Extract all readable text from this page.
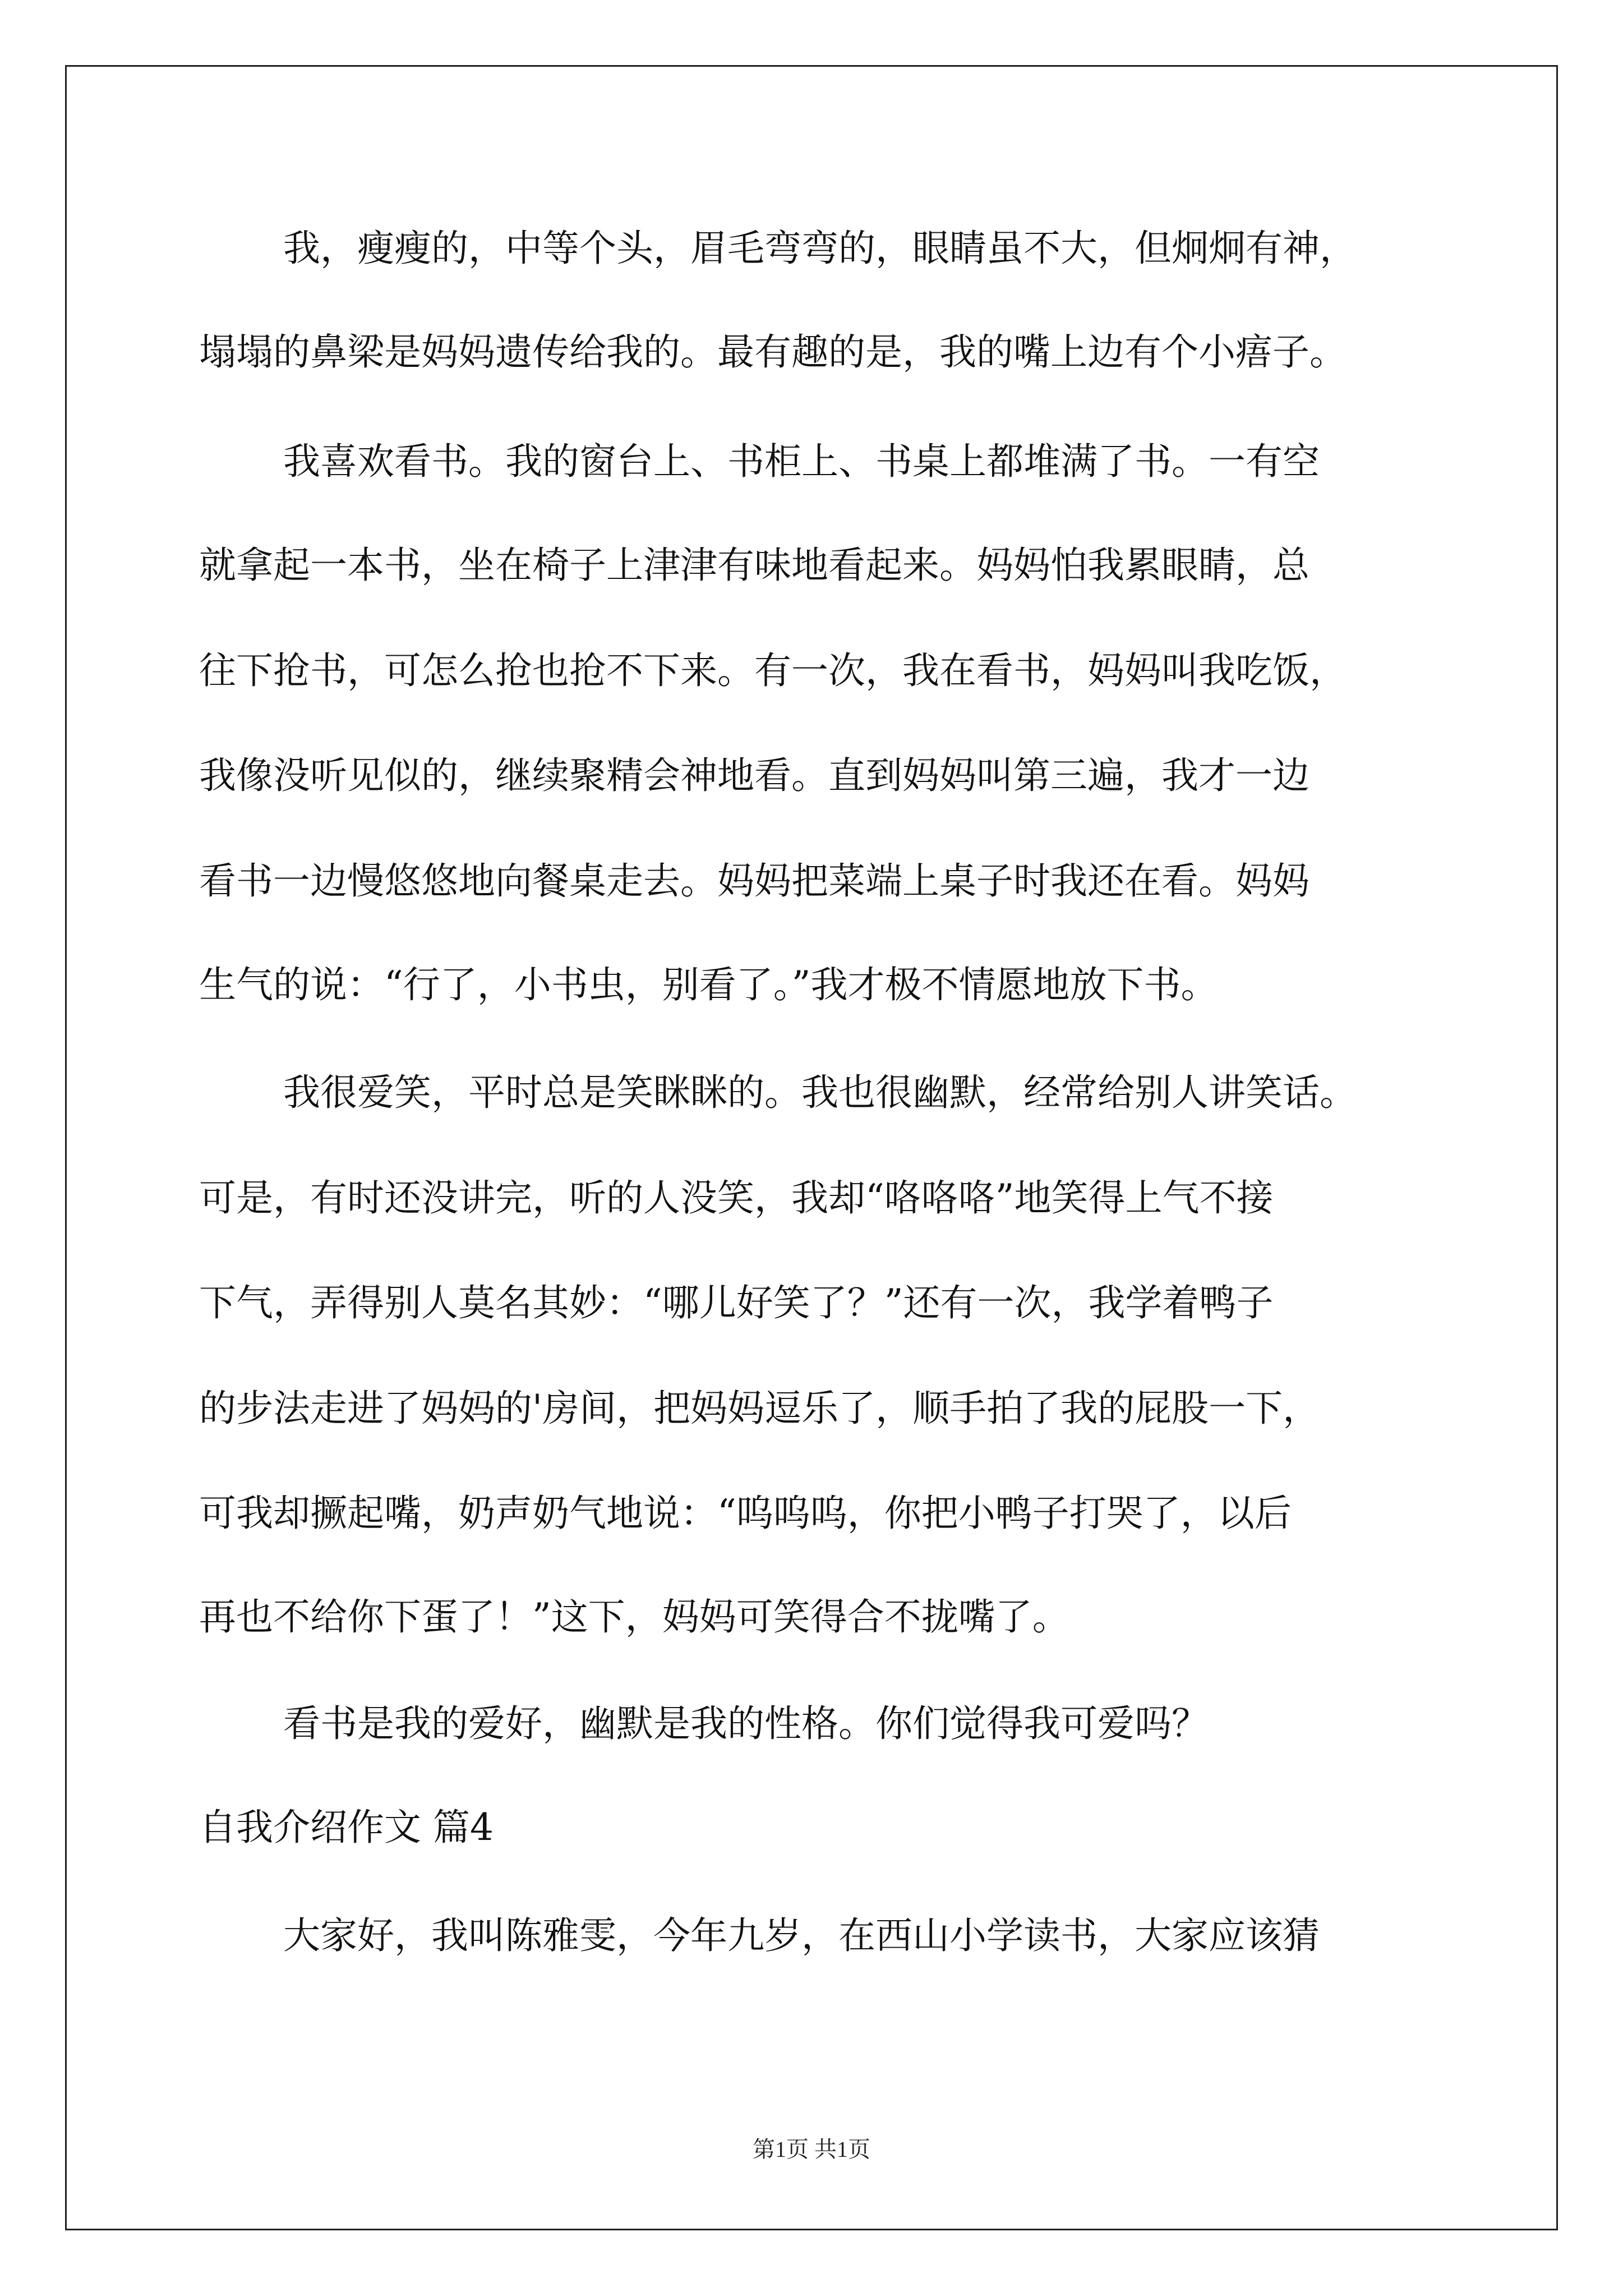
我，瘦瘦的，中等个头，眉毛弯弯的，眼睛虽不大，但炯炯有神，
塌塌的鼻梁是妈妈遗传给我的。最有趣的是，我的嘴上边有个小痦子。
我喜欢看书。我的窗台上、书柜上、书桌上都堆满了书。一有空
就拿起一本书，坐在椅子上津津有味地看起来。妈妈怕我累眼睛，总
往下抢书，可怎么抢也抢不下来。有一次，我在看书，妈妈叫我吃饭，
我像没听见似的，继续聚精会神地看。直到妈妈叫第三遍，我才一边
看书一边慢悠悠地向餐桌走去。妈妈把菜端上桌子时我还在看。妈妈
生气的说：“行了，小书虫，别看了。”我才极不情愿地放下书。
我很爱笑，平时总是笑眯眯的。我也很幽默，经常给别人讲笑话。
可是，有时还没讲完，听的人没笑，我却“咯咯咯”地笑得上气不接
下气，弄得别人莫名其妙：“哪儿好笑了？”还有一次，我学着鸭子
的步法走进了妈妈的'房间，把妈妈逗乐了，顺手拍了我的屁股一下，
可我却撅起嘴，奶声奶气地说：“呜呜呜，你把小鸭子打哭了，以后
再也不给你下蛋了！”这下，妈妈可笑得合不拢嘴了。
看书是我的爱好，幽默是我的性格。你们觉得我可爱吗？
自我介绍作文 篇4
大家好，我叫陈雅雯，今年九岁，在西山小学读书，大家应该猜
第1页 共1页
